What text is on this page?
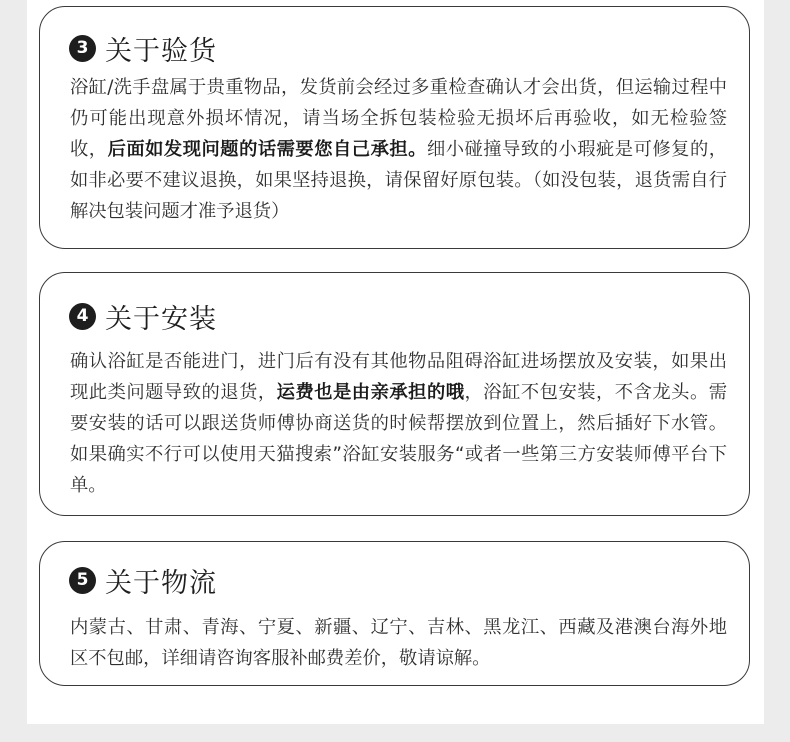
3 关于验货
浴缸/洗手盘属于贵重物品，发货前会经过多重检查确认才会出货，但运输过程中仍可能出现意外损坏情况，请当场全拆包装检验无损坏后再验收，如无检验签收，后面如发现问题的话需要您自己承担。细小碰撞导致的小瑕疵是可修复的，如非必要不建议退换，如果坚持退换，请保留好原包装。（如没包装，退货需自行解决包装问题才准予退货）
4 关于安装
确认浴缸是否能进门，进门后有没有其他物品阻碍浴缸进场摆放及安装，如果出现此类问题导致的退货，运费也是由亲承担的哦，浴缸不包安装，不含龙头。需要安装的话可以跟送货师傅协商送货的时候帮摆放到位置上，然后插好下水管。如果确实不行可以使用天猫搜索”浴缸安装服务“或者一些第三方安装师傅平台下单。
5 关于物流
内蒙古、甘肃、青海、宁夏、新疆、辽宁、吉林、黑龙江、西藏及港澳台海外地区不包邮，详细请咨询客服补邮费差价，敬请谅解。
